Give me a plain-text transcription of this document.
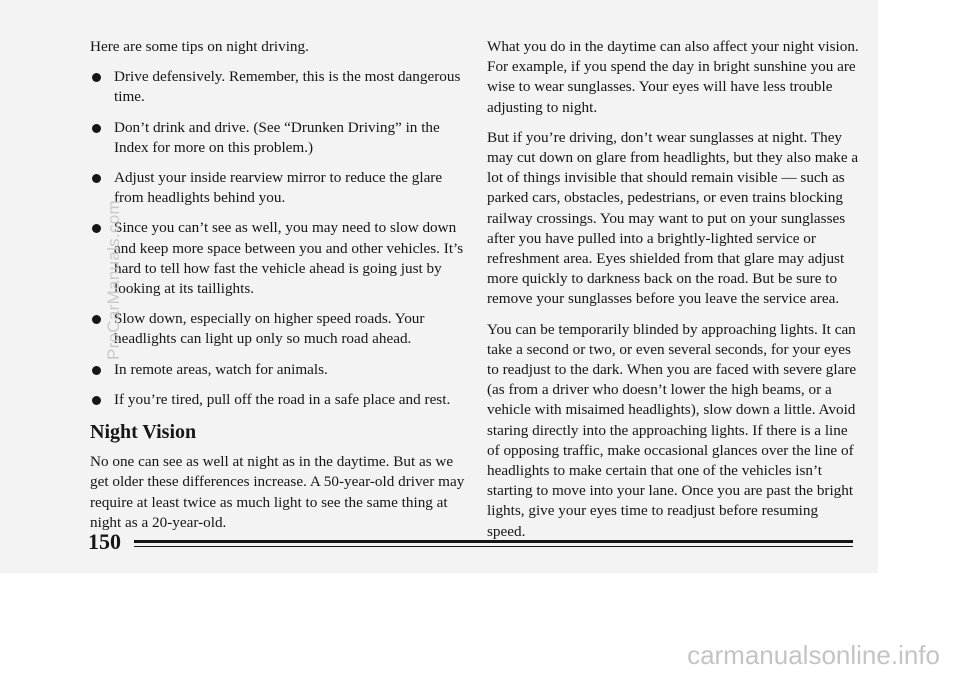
Here are some tips on night driving.

Drive defensively. Remember, this is the most dangerous time.
Don’t drink and drive. (See “Drunken Driving” in the Index for more on this problem.)
Adjust your inside rearview mirror to reduce the glare from headlights behind you.
Since you can’t see as well, you may need to slow down and keep more space between you and other vehicles. It’s hard to tell how fast the vehicle ahead is going just by looking at its taillights.
Slow down, especially on higher speed roads. Your headlights can light up only so much road ahead.
In remote areas, watch for animals.
If you’re tired, pull off the road in a safe place and rest.
Night Vision

No one can see as well at night as in the daytime. But as we get older these differences increase. A 50-year-old driver may require at least twice as much light to see the same thing at night as a 20-year-old.

What you do in the daytime can also affect your night vision. For example, if you spend the day in bright sunshine you are wise to wear sunglasses. Your eyes will have less trouble adjusting to night.

But if you’re driving, don’t wear sunglasses at night. They may cut down on glare from headlights, but they also make a lot of things invisible that should remain visible — such as parked cars, obstacles, pedestrians, or even trains blocking railway crossings. You may want to put on your sunglasses after you have pulled into a brightly-lighted service or refreshment area. Eyes shielded from that glare may adjust more quickly to darkness back on the road. But be sure to remove your sunglasses before you leave the service area.

You can be temporarily blinded by approaching lights. It can take a second or two, or even several seconds, for your eyes to readjust to the dark. When you are faced with severe glare (as from a driver who doesn’t lower the high beams, or a vehicle with misaimed headlights), slow down a little. Avoid staring directly into the approaching lights. If there is a line of opposing traffic, make occasional glances over the line of headlights to make certain that one of the vehicles isn’t starting to move into your lane. Once you are past the bright lights, give your eyes time to readjust before resuming speed.

150
ProCarManuals.com
carmanualsonline.info
